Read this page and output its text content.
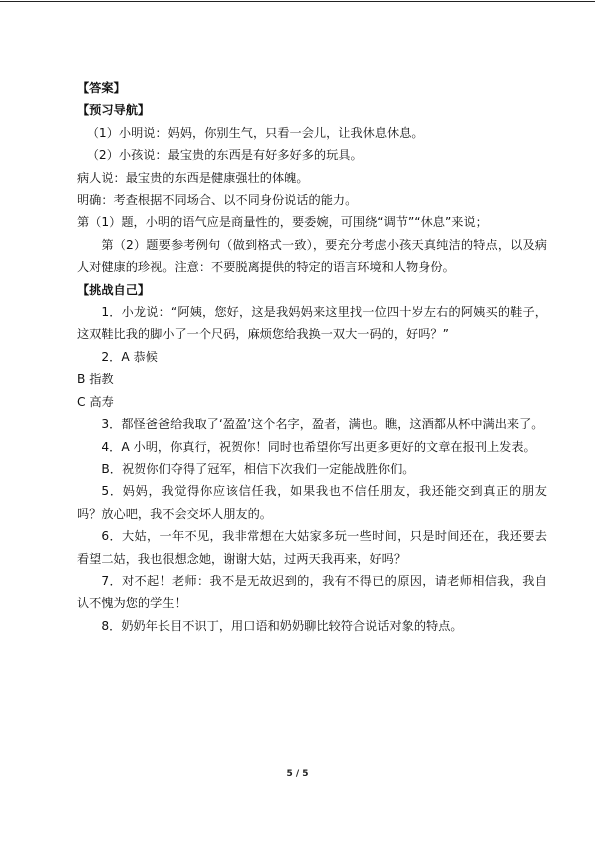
【答案】

【预习导航】

（1）小明说：妈妈，你别生气，只看一会儿，让我休息休息。

（2）小孩说：最宝贵的东西是有好多好多的玩具。

病人说：最宝贵的东西是健康强壮的体魄。

明确：考查根据不同场合、以不同身份说话的能力。

第（1）题，小明的语气应是商量性的，要委婉，可围绕“调节”“休息”来说；

第（2）题要参考例句（做到格式一致），要充分考虑小孩天真纯洁的特点，以及病人对健康的珍视。注意：不要脱离提供的特定的语言环境和人物身份。

【挑战自己】

1．小龙说：“阿姨，您好，这是我妈妈来这里找一位四十岁左右的阿姨买的鞋子，这双鞋比我的脚小了一个尺码，麻烦您给我换一双大一码的，好吗？”

2．A 恭候

B 指教

C 高寿

3．都怪爸爸给我取了‘盈盈’这个名字，盈者，满也。瞧，这酒都从杯中满出来了。

4．A 小明，你真行，祝贺你！同时也希望你写出更多更好的文章在报刊上发表。

B．祝贺你们夺得了冠军，相信下次我们一定能战胜你们。

5．妈妈，我觉得你应该信任我，如果我也不信任朋友，我还能交到真正的朋友吗？放心吧，我不会交坏人朋友的。

6．大姑，一年不见，我非常想在大姑家多玩一些时间，只是时间还在，我还要去看望二姑，我也很想念她，谢谢大姑，过两天我再来，好吗？

7．对不起！老师：我不是无故迟到的，我有不得已的原因，请老师相信我，我自认不愧为您的学生！

8．奶奶年长目不识丁，用口语和奶奶聊比较符合说话对象的特点。

5 / 5
